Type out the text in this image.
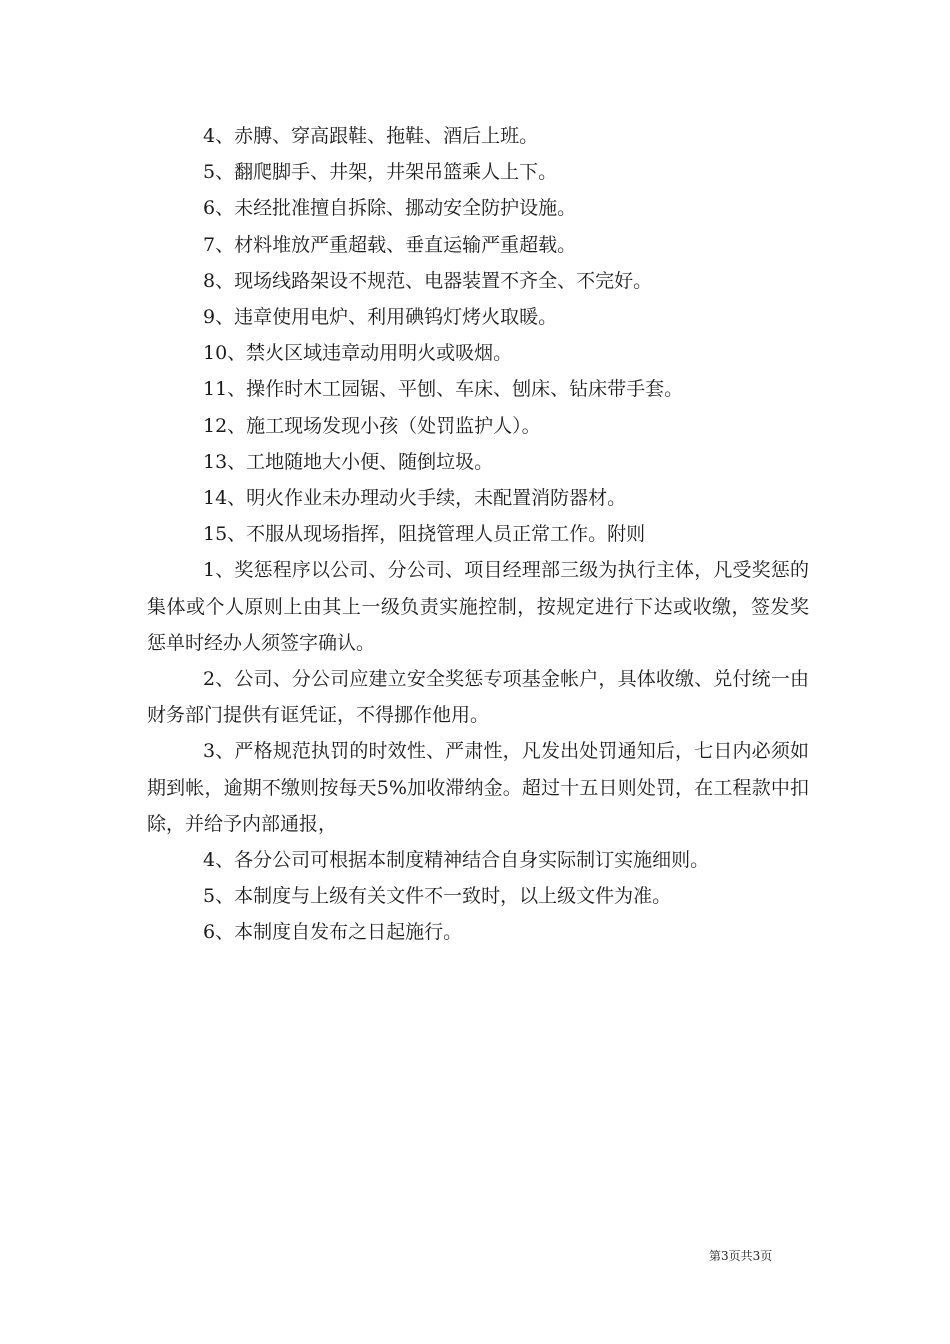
4、赤膊、穿高跟鞋、拖鞋、酒后上班。

5、翻爬脚手、井架，井架吊篮乘人上下。

6、未经批准擅自拆除、挪动安全防护设施。

7、材料堆放严重超载、垂直运输严重超载。

8、现场线路架设不规范、电器装置不齐全、不完好。

9、违章使用电炉、利用碘钨灯烤火取暖。

10、禁火区域违章动用明火或吸烟。

11、操作时木工园锯、平刨、车床、刨床、钻床带手套。

12、施工现场发现小孩（处罚监护人）。

13、工地随地大小便、随倒垃圾。

14、明火作业未办理动火手续，未配置消防器材。

15、不服从现场指挥，阻挠管理人员正常工作。附则

1、奖惩程序以公司、分公司、项目经理部三级为执行主体，凡受奖惩的集体或个人原则上由其上一级负责实施控制，按规定进行下达或收缴，签发奖惩单时经办人须签字确认。

2、公司、分公司应建立安全奖惩专项基金帐户，具体收缴、兑付统一由财务部门提供有诓凭证，不得挪作他用。

3、严格规范执罚的时效性、严肃性，凡发出处罚通知后，七日内必须如期到帐，逾期不缴则按每天5%加收滞纳金。超过十五日则处罚，在工程款中扣除，并给予内部通报，

4、各分公司可根据本制度精神结合自身实际制订实施细则。

5、本制度与上级有关文件不一致时，以上级文件为准。

6、本制度自发布之日起施行。

第3页共3页
